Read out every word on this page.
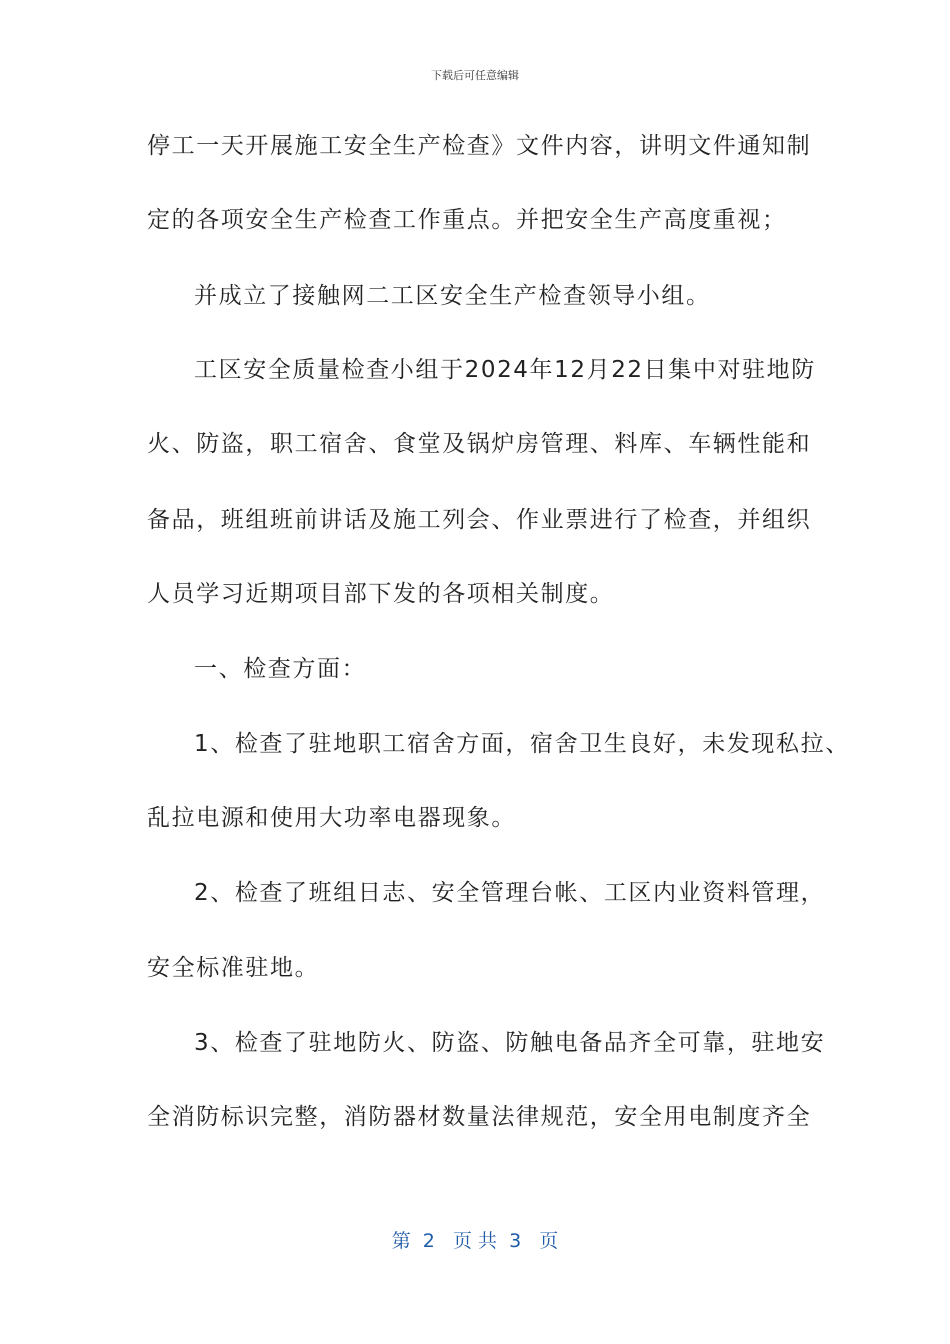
下载后可任意编辑
停工一天开展施工安全生产检查》文件内容，讲明文件通知制
定的各项安全生产检查工作重点。并把安全生产高度重视；
并成立了接触网二工区安全生产检查领导小组。
工区安全质量检查小组于2024年12月22日集中对驻地防
火、防盗，职工宿舍、食堂及锅炉房管理、料库、车辆性能和
备品，班组班前讲话及施工列会、作业票进行了检查，并组织
人员学习近期项目部下发的各项相关制度。
一、检查方面：
1、检查了驻地职工宿舍方面，宿舍卫生良好，未发现私拉、
乱拉电源和使用大功率电器现象。
2、检查了班组日志、安全管理台帐、工区内业资料管理，
安全标准驻地。
3、检查了驻地防火、防盗、防触电备品齐全可靠，驻地安
全消防标识完整，消防器材数量法律规范，安全用电制度齐全
第  2   页 共  3   页
